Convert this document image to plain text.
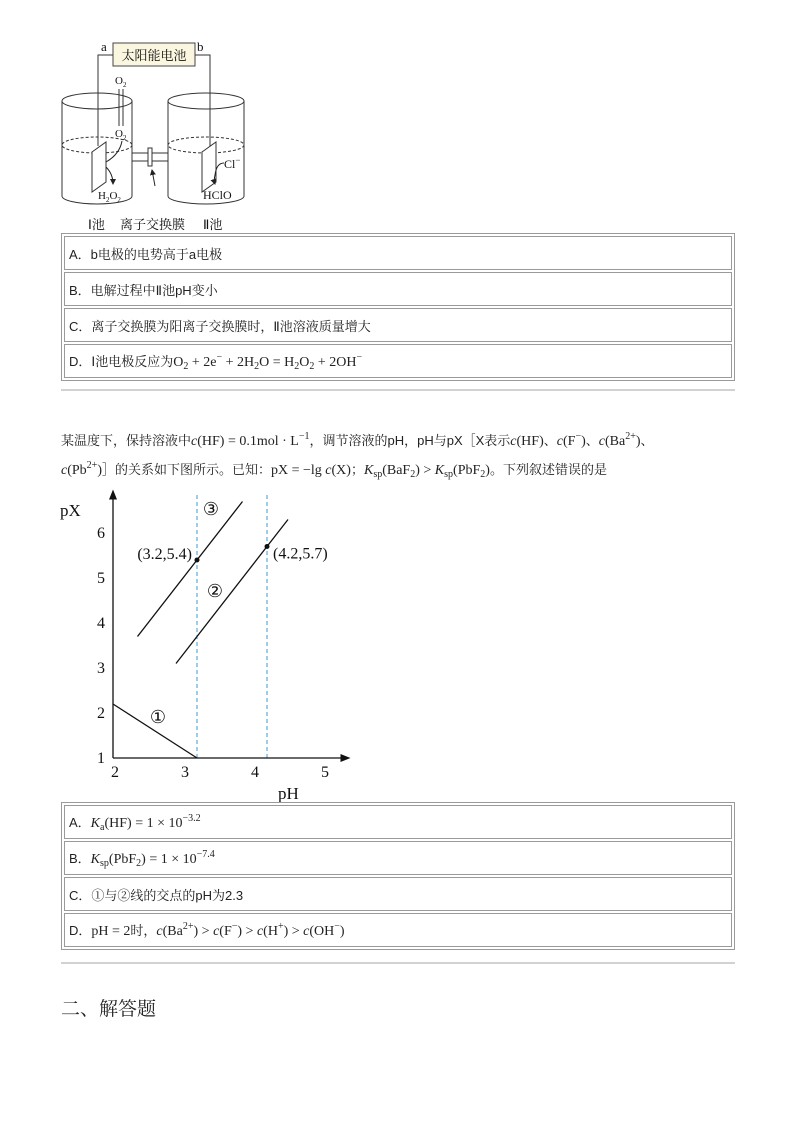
a	b
太阳能电池
$O_2$
$O_2$
$H_2O_2$
Cl−
HClO
Ⅰ池 离子交换膜 Ⅱ池
A．b电极的电势高于a电极
B．电解过程中Ⅱ池pH变小
C．离子交换膜为阳离子交换膜时，Ⅱ池溶液质量增大
D．Ⅰ池电极反应为$O_2 + 2e^- + 2H_2O = H_2O_2 + 2OH^-$
某温度下，保持溶液中$c(HF) = 0.1mol \cdot L^{-1}$，调节溶液的pH，pH与pX［X表示c(HF)、c(F−)、$c(Ba^{2+})$、
$c(Pb^{2+})]$的关系如下图所示。已知：pX = −lg c(X)；$K_{sp}(BaF_2) > K_{sp}(PbF_2)$。下列叙述错误的是
pX
pH
2	3	4	5
1
2
3
4
5
6
①
②
③
(3.2,5.4)	(4.2,5.7)
A．$K_a(HF) = 1 \times 10^{-3.2}$
B．$K_{sp}(PbF_2) = 1 \times 10^{-7.4}$
C．①与②线的交点的pH为2.3
D．pH = 2时，$c(Ba^{2+}) > c(F^-) > c(H^+) > c(OH^-)$
二、解答题
